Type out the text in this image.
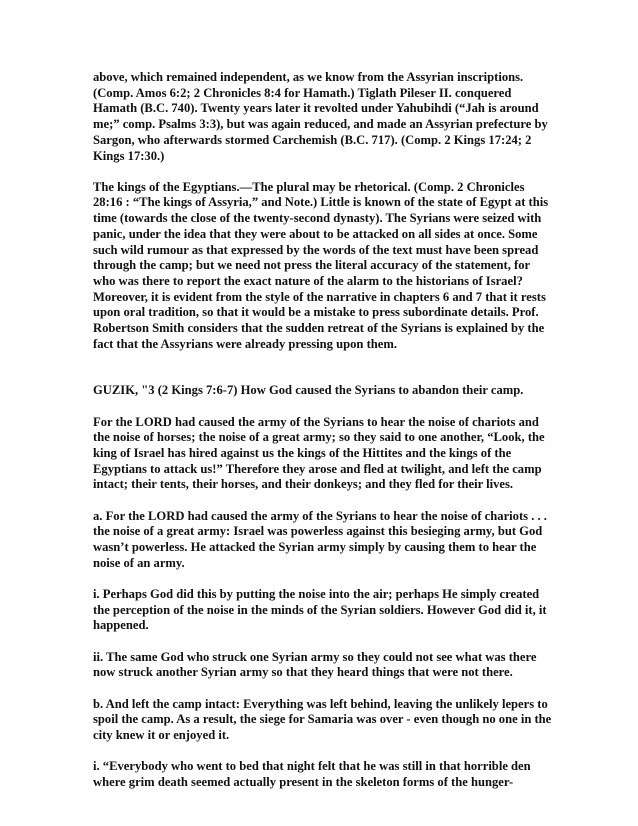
above, which remained independent, as we know from the Assyrian inscriptions. (Comp. Amos 6:2; 2 Chronicles 8:4 for Hamath.) Tiglath Pileser II. conquered Hamath (B.C. 740). Twenty years later it revolted under Yahubihdi (“Jah is around me;” comp. Psalms 3:3), but was again reduced, and made an Assyrian prefecture by Sargon, who afterwards stormed Carchemish (B.C. 717). (Comp. 2 Kings 17:24; 2 Kings 17:30.)

The kings of the Egyptians.—The plural may be rhetorical. (Comp. 2 Chronicles 28:16 : “The kings of Assyria,” and Note.) Little is known of the state of Egypt at this time (towards the close of the twenty-second dynasty). The Syrians were seized with panic, under the idea that they were about to be attacked on all sides at once. Some such wild rumour as that expressed by the words of the text must have been spread through the camp; but we need not press the literal accuracy of the statement, for who was there to report the exact nature of the alarm to the historians of Israel? Moreover, it is evident from the style of the narrative in chapters 6 and 7 that it rests upon oral tradition, so that it would be a mistake to press subordinate details. Prof. Robertson Smith considers that the sudden retreat of the Syrians is explained by the fact that the Assyrians were already pressing upon them.

GUZIK, "3 (2 Kings 7:6-7) How God caused the Syrians to abandon their camp.

For the LORD had caused the army of the Syrians to hear the noise of chariots and the noise of horses; the noise of a great army; so they said to one another, “Look, the king of Israel has hired against us the kings of the Hittites and the kings of the Egyptians to attack us!” Therefore they arose and fled at twilight, and left the camp intact; their tents, their horses, and their donkeys; and they fled for their lives.

a. For the LORD had caused the army of the Syrians to hear the noise of chariots . . . the noise of a great army: Israel was powerless against this besieging army, but God wasn’t powerless. He attacked the Syrian army simply by causing them to hear the noise of an army.

i. Perhaps God did this by putting the noise into the air; perhaps He simply created the perception of the noise in the minds of the Syrian soldiers. However God did it, it happened.

ii. The same God who struck one Syrian army so they could not see what was there now struck another Syrian army so that they heard things that were not there.

b. And left the camp intact: Everything was left behind, leaving the unlikely lepers to spoil the camp. As a result, the siege for Samaria was over - even though no one in the city knew it or enjoyed it.

i. “Everybody who went to bed that night felt that he was still in that horrible den where grim death seemed actually present in the skeleton forms of the hunger-
